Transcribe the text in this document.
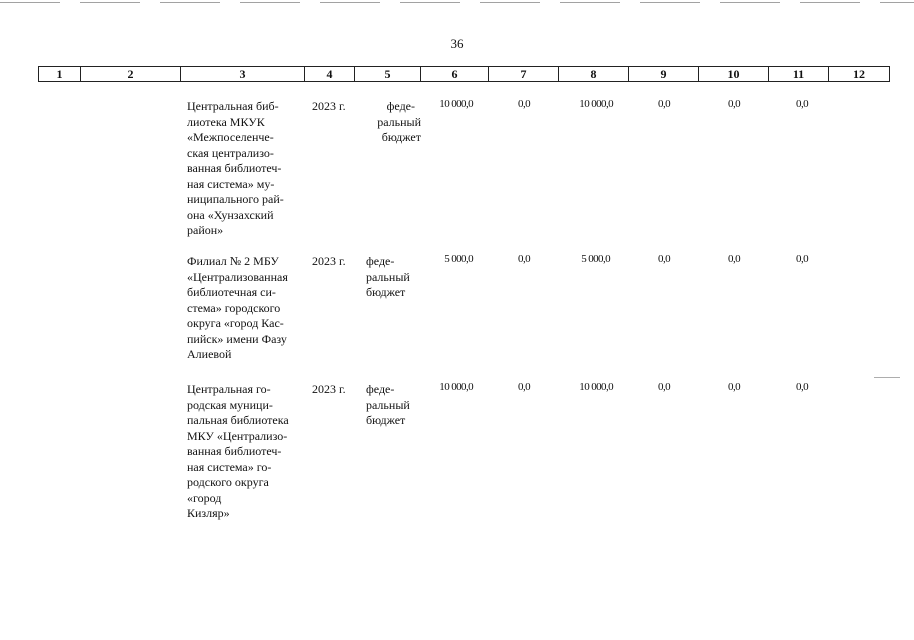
36
1	2	3	4	5	6	7	8	9	10	11	12
Центральная биб-
лиотека МКУК
«Межпоселенче-
ская централизо-
ванная библиотеч-
ная система» му-
ниципального рай-
она «Хунзахский
район»
2023 г.	феде-
ральный
бюджет
10 000,0	0,0	10 000,0	0,0	0,0	0,0
Филиал № 2 МБУ
«Централизованная
библиотечная си-
стема» городского
округа «город Кас-
пийск» имени Фазу
Алиевой
2023 г.	феде-
ральный
бюджет
5 000,0	0,0	5 000,0	0,0	0,0	0,0
Центральная го-
родская муници-
пальная библиотека
МКУ «Централизо-
ванная библиотеч-
ная система» го-
родского округа
«город
Кизляр»
2023 г.	феде-
ральный
бюджет
10 000,0	0,0	10 000,0	0,0	0,0	0,0
